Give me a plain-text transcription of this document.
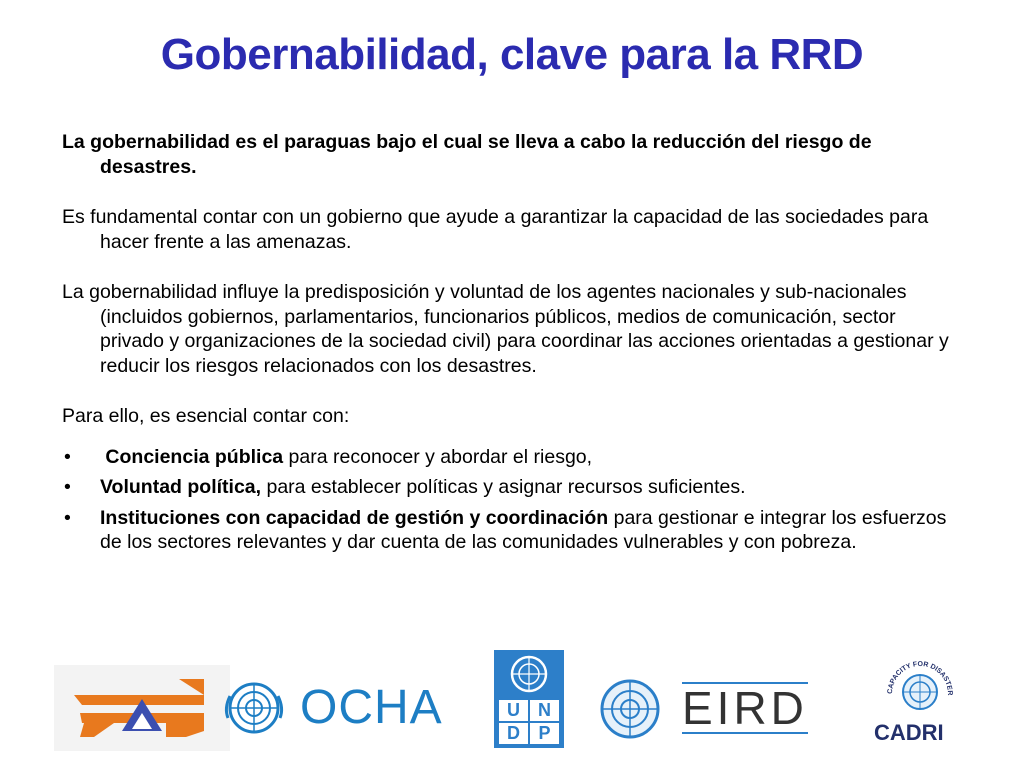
Gobernabilidad, clave para la RRD

La gobernabilidad es el paraguas bajo el cual se lleva a cabo la reducción del riesgo de desastres.

Es fundamental contar con un gobierno que ayude a garantizar la capacidad de las sociedades para hacer frente a las amenazas.

La gobernabilidad influye la predisposición y voluntad de los agentes nacionales y sub-nacionales (incluidos gobiernos, parlamentarios, funcionarios públicos, medios de comunicación, sector privado y organizaciones de la sociedad civil) para coordinar las acciones orientadas a gestionar y reducir los riesgos relacionados con los desastres.

Para ello, es esencial contar con:

• Conciencia pública para reconocer y abordar el riesgo,
• Voluntad política, para establecer políticas y asignar recursos suficientes.
• Instituciones con capacidad de gestión y coordinación para gestionar e integrar los esfuerzos de los sectores relevantes y dar cuenta de las comunidades vulnerables y con pobreza.
OCHA	U	N
D	P	EIRD	CAPACITY FOR DISASTER
CADRI
